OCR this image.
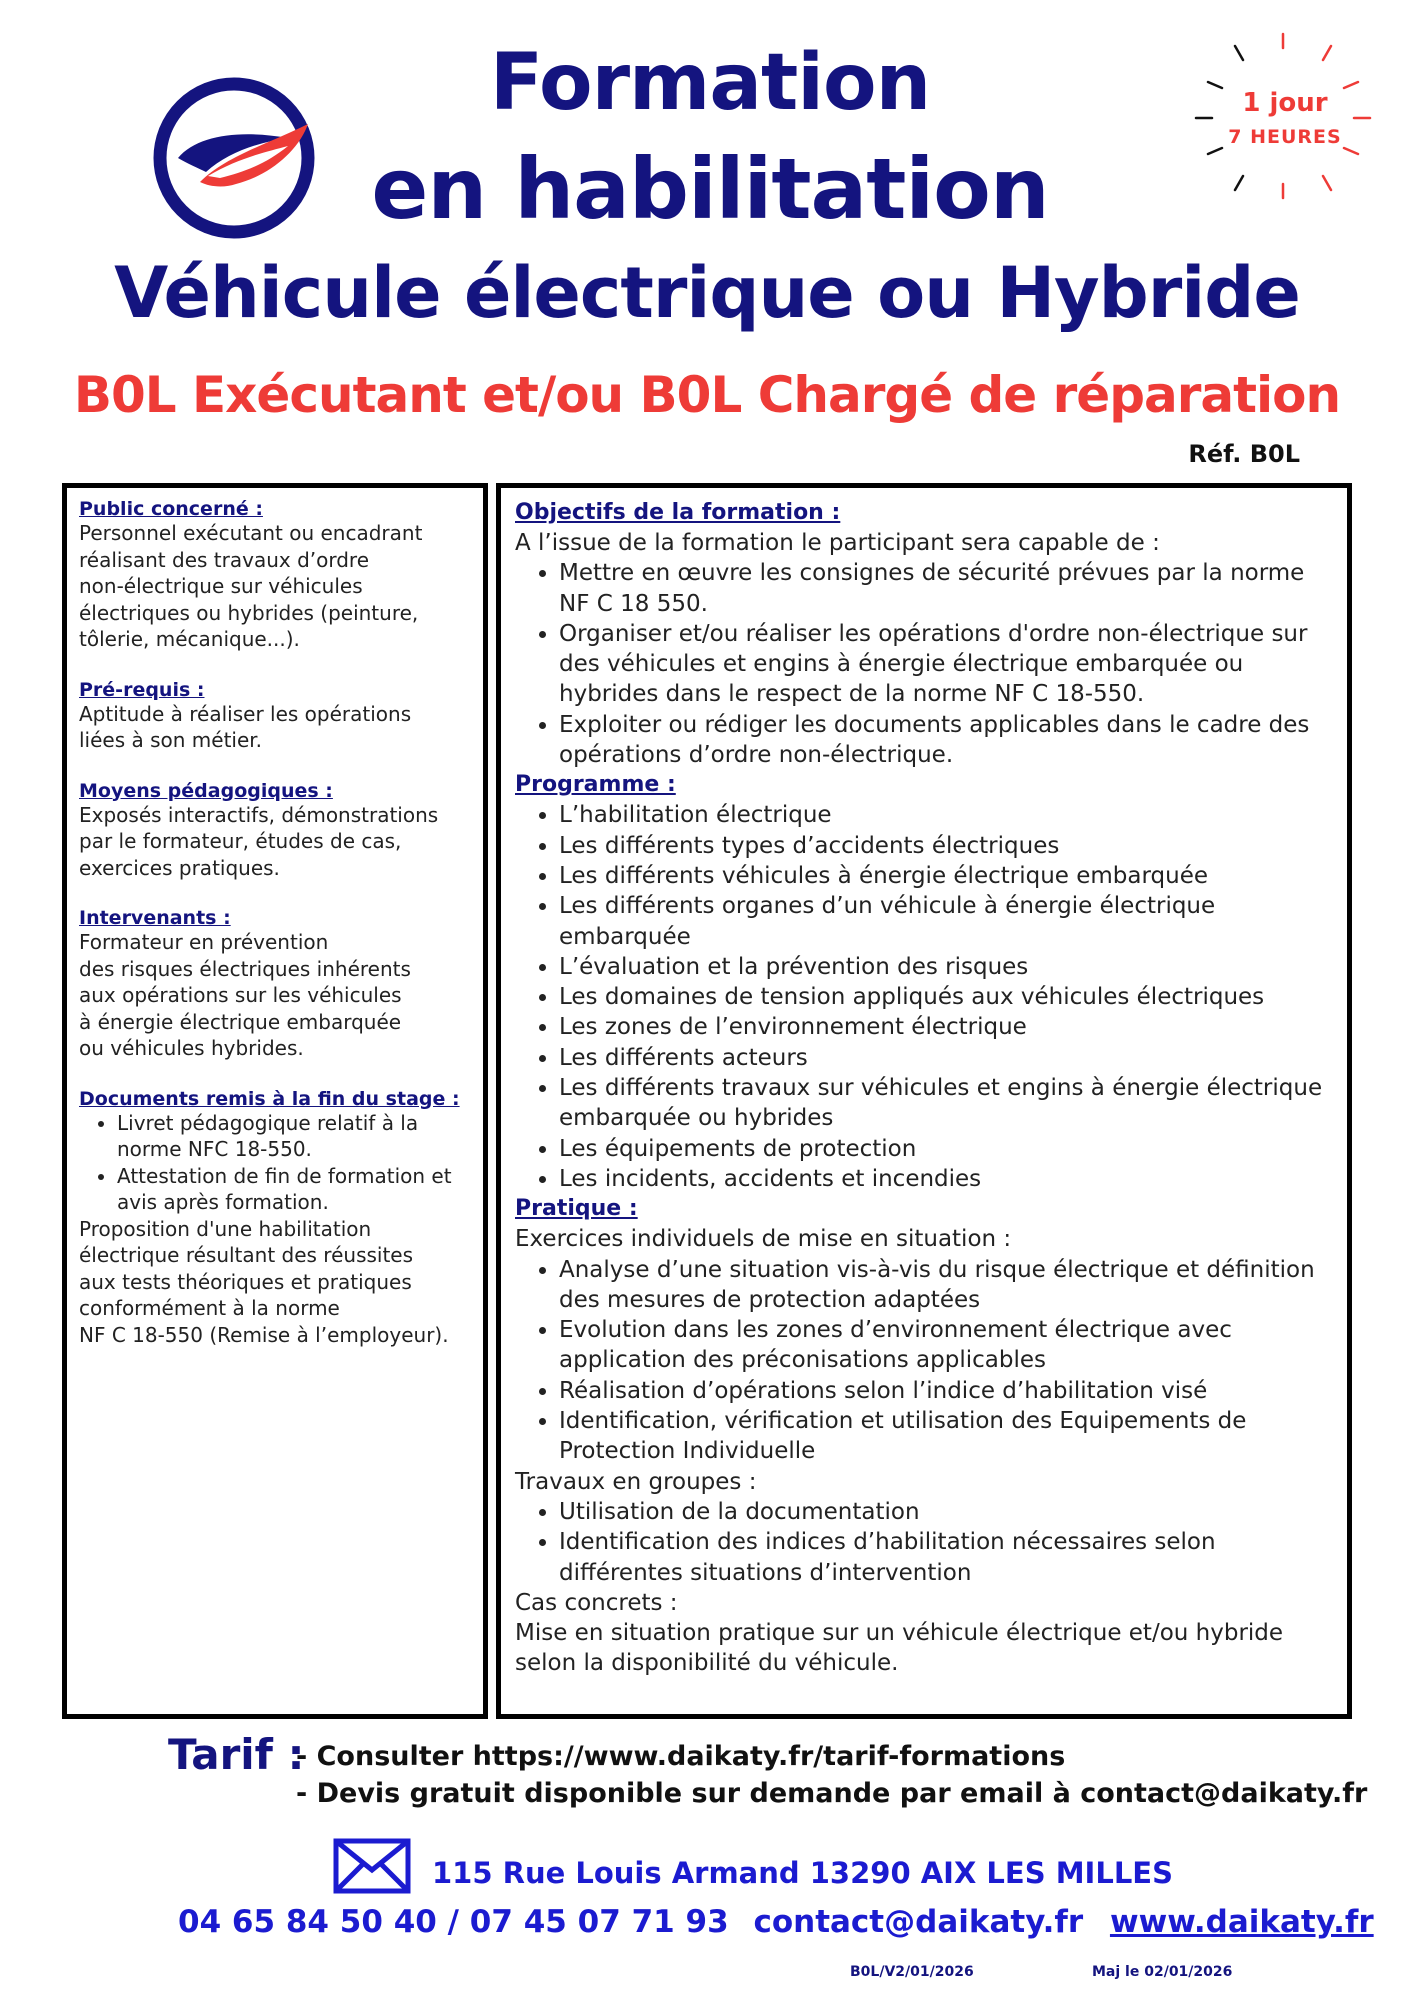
Formation
en habilitation
Véhicule électrique ou Hybride
B0L Exécutant et/ou B0L Chargé de réparation
Réf. B0L
1 jour
7 HEURES
Public concerné :
Personnel exécutant ou encadrant
réalisant des travaux d’ordre
non-électrique sur véhicules
électriques ou hybrides (peinture,
tôlerie, mécanique...).
Pré-requis :
Aptitude à réaliser les opérations
liées à son métier.
Moyens pédagogiques :
Exposés interactifs, démonstrations
par le formateur, études de cas,
exercices pratiques.
Intervenants :
Formateur en prévention
des risques électriques inhérents
aux opérations sur les véhicules
à énergie électrique embarquée
ou véhicules hybrides.
Documents remis à la fin du stage :
• Livret pédagogique relatif à la norme NFC 18-550.
• Attestation de fin de formation et avis après formation.
Proposition d'une habilitation
électrique résultant des réussites
aux tests théoriques et pratiques
conformément à la norme
NF C 18-550 (Remise à l’employeur).
Objectifs de la formation :
A l’issue de la formation le participant sera capable de :
• Mettre en œuvre les consignes de sécurité prévues par la norme NF C 18 550.
• Organiser et/ou réaliser les opérations d'ordre non-électrique sur des véhicules et engins à énergie électrique embarquée ou hybrides dans le respect de la norme NF C 18-550.
• Exploiter ou rédiger les documents applicables dans le cadre des opérations d’ordre non-électrique.
Programme :
• L’habilitation électrique
• Les différents types d’accidents électriques
• Les différents véhicules à énergie électrique embarquée
• Les différents organes d’un véhicule à énergie électrique embarquée
• L’évaluation et la prévention des risques
• Les domaines de tension appliqués aux véhicules électriques
• Les zones de l’environnement électrique
• Les différents acteurs
• Les différents travaux sur véhicules et engins à énergie électrique embarquée ou hybrides
• Les équipements de protection
• Les incidents, accidents et incendies
Pratique :
Exercices individuels de mise en situation :
• Analyse d’une situation vis-à-vis du risque électrique et définition des mesures de protection adaptées
• Evolution dans les zones d’environnement électrique avec application des préconisations applicables
• Réalisation d’opérations selon l’indice d’habilitation visé
• Identification, vérification et utilisation des Equipements de Protection Individuelle
Travaux en groupes :
• Utilisation de la documentation
• Identification des indices d’habilitation nécessaires selon différentes situations d’intervention
Cas concrets :
Mise en situation pratique sur un véhicule électrique et/ou hybride
selon la disponibilité du véhicule.
Tarif :
- Consulter https://www.daikaty.fr/tarif-formations
- Devis gratuit disponible sur demande par email à contact@daikaty.fr
115 Rue Louis Armand 13290 AIX LES MILLES
04 65 84 50 40 / 07 45 07 71 93 contact@daikaty.fr www.daikaty.fr
B0L/V2/01/2026	Maj le 02/01/2026
